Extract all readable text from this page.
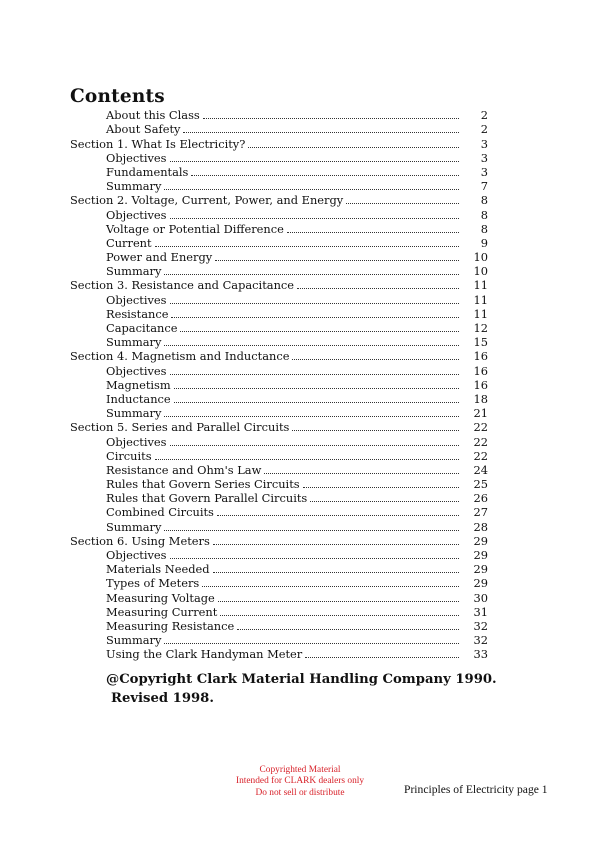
Contents
About this Class	2
About Safety	2
Section 1. What Is Electricity?	3
Objectives	3
Fundamentals	3
Summary	7
Section 2. Voltage, Current, Power, and Energy	8
Objectives	8
Voltage or Potential Difference	8
Current	9
Power and Energy	10
Summary	10
Section 3. Resistance and Capacitance	11
Objectives	11
Resistance	11
Capacitance	12
Summary	15
Section 4. Magnetism and Inductance	16
Objectives	16
Magnetism	16
Inductance	18
Summary	21
Section 5. Series and Parallel Circuits	22
Objectives	22
Circuits	22
Resistance and Ohm's Law	24
Rules that Govern Series Circuits	25
Rules that Govern Parallel Circuits	26
Combined Circuits	27
Summary	28
Section 6. Using Meters	29
Objectives	29
Materials Needed	29
Types of Meters	29
Measuring Voltage	30
Measuring Current	31
Measuring Resistance	32
Summary	32
Using the Clark Handyman Meter	33
@Copyright Clark Material Handling Company 1990.
Revised 1998.
Copyrighted Material
Intended for CLARK dealers only
Do not sell or distribute	Principles of Electricity page 1
